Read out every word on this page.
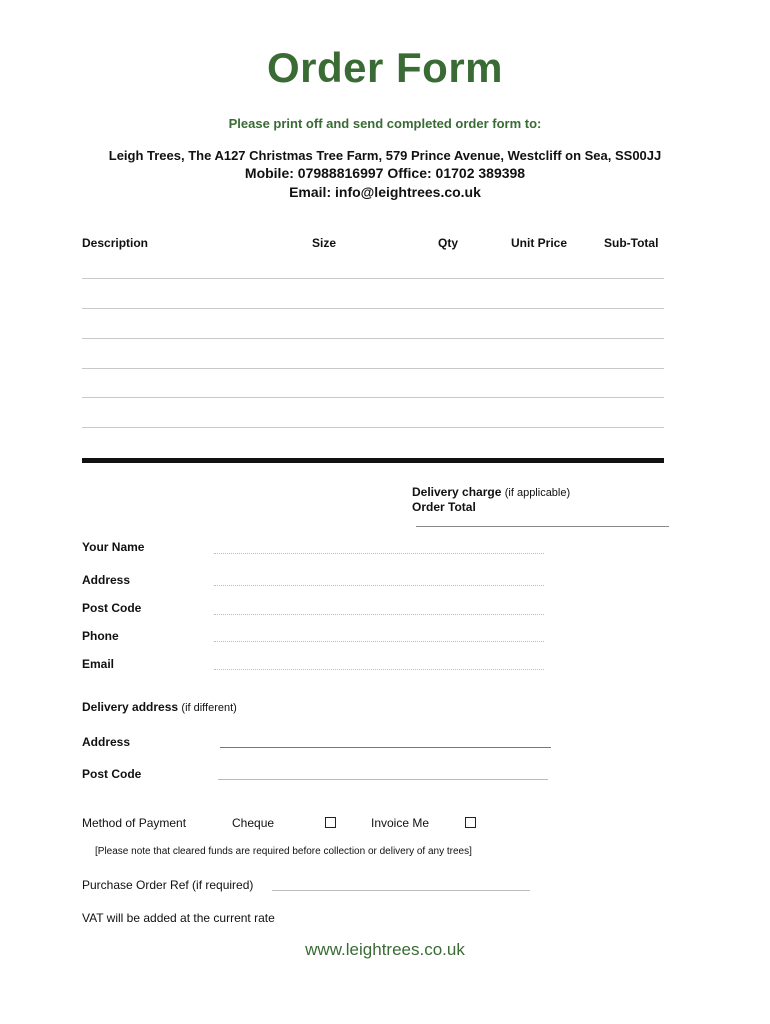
Order Form
Please print off and send completed order form to:
Leigh Trees, The A127 Christmas Tree Farm, 579 Prince Avenue, Westcliff on Sea, SS00JJ
Mobile: 07988816997 Office: 01702 389398
Email: info@leightrees.co.uk
Description	Size	Qty	Unit Price	Sub-Total
Delivery charge (if applicable)
Order Total
Your Name
Address
Post Code
Phone
Email
Delivery address (if different)
Address
Post Code
Method of Payment	Cheque	Invoice Me
[Please note that cleared funds are required before collection or delivery of any trees]
Purchase Order Ref (if required)
VAT will be added at the current rate
www.leightrees.co.uk
